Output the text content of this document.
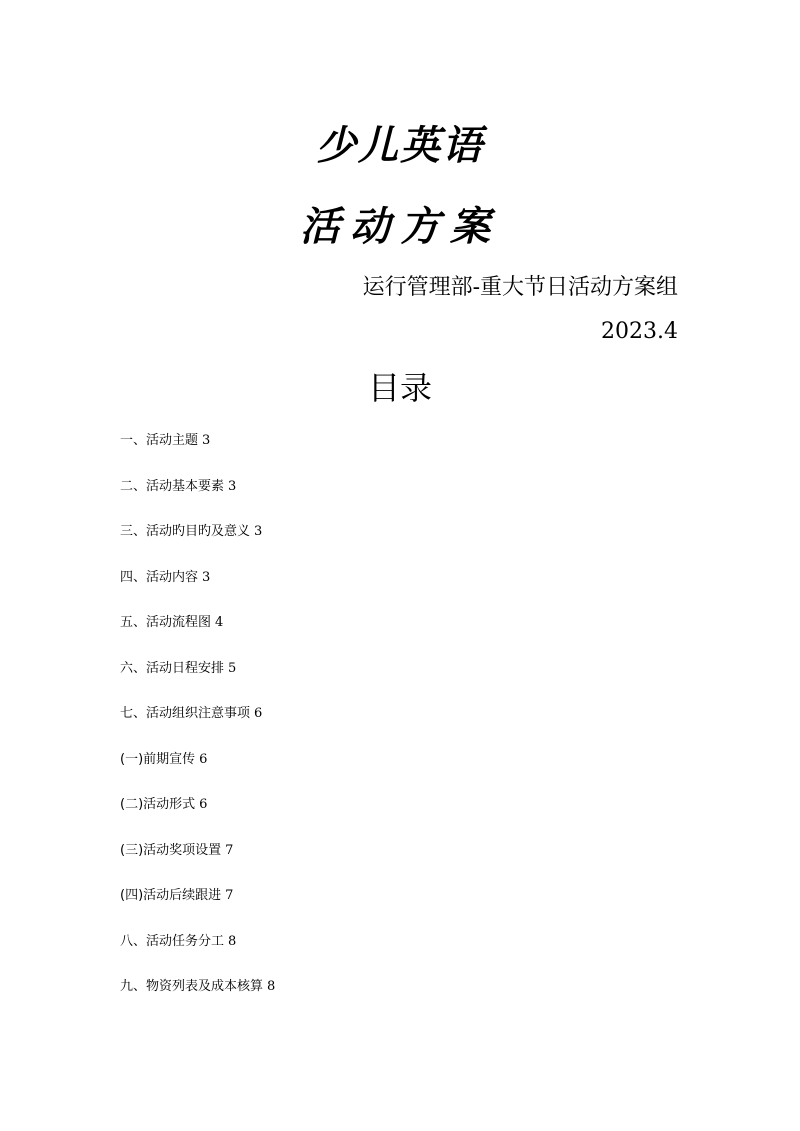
少儿英语
活动方案
运行管理部-重大节日活动方案组
2023.4
目录
一、活动主题 3
二、活动基本要素 3
三、活动旳目旳及意义 3
四、活动内容 3
五、活动流程图 4
六、活动日程安排 5
七、活动组织注意事项 6
(一)前期宣传 6
(二)活动形式 6
(三)活动奖项设置 7
(四)活动后续跟进 7
八、活动任务分工 8
九、物资列表及成本核算 8
